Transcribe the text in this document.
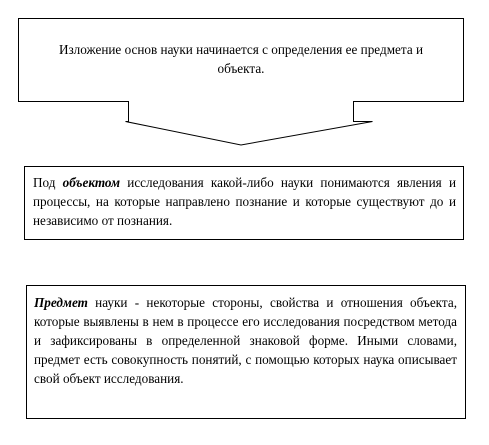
Изложение основ науки начинается с определения ее предмета и объекта.

Под объектом исследования какой-либо науки понимаются явления и процессы, на которые направлено познание и которые существуют до и независимо от познания.

Предмет науки - некоторые стороны, свойства и отношения объекта, которые выявлены в нем в процессе его исследования посредством метода и зафиксированы в определенной знаковой форме. Иными словами, предмет есть совокупность понятий, с помощью которых наука описывает свой объект исследования.
